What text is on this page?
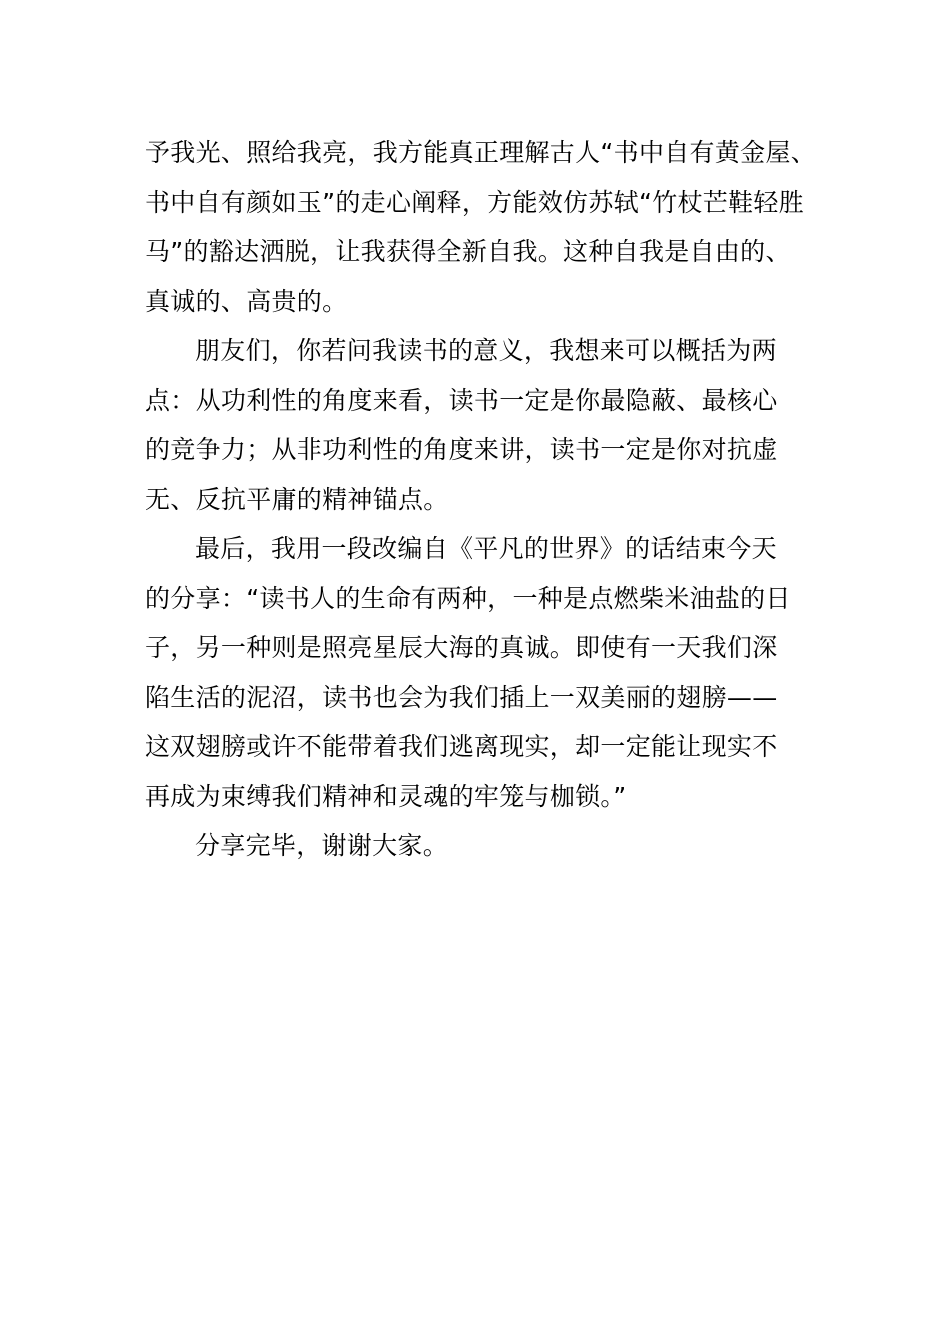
予我光、照给我亮，我方能真正理解古人“书中自有黄金屋、
书中自有颜如玉”的走心阐释，方能效仿苏轼“竹杖芒鞋轻胜
马”的豁达洒脱，让我获得全新自我。这种自我是自由的、
真诚的、高贵的。
朋友们，你若问我读书的意义，我想来可以概括为两
点：从功利性的角度来看，读书一定是你最隐蔽、最核心
的竞争力；从非功利性的角度来讲，读书一定是你对抗虚
无、反抗平庸的精神锚点。
最后，我用一段改编自《平凡的世界》的话结束今天
的分享：“读书人的生命有两种，一种是点燃柴米油盐的日
子，另一种则是照亮星辰大海的真诚。即使有一天我们深
陷生活的泥沼，读书也会为我们插上一双美丽的翅膀——
这双翅膀或许不能带着我们逃离现实，却一定能让现实不
再成为束缚我们精神和灵魂的牢笼与枷锁。”
分享完毕，谢谢大家。
